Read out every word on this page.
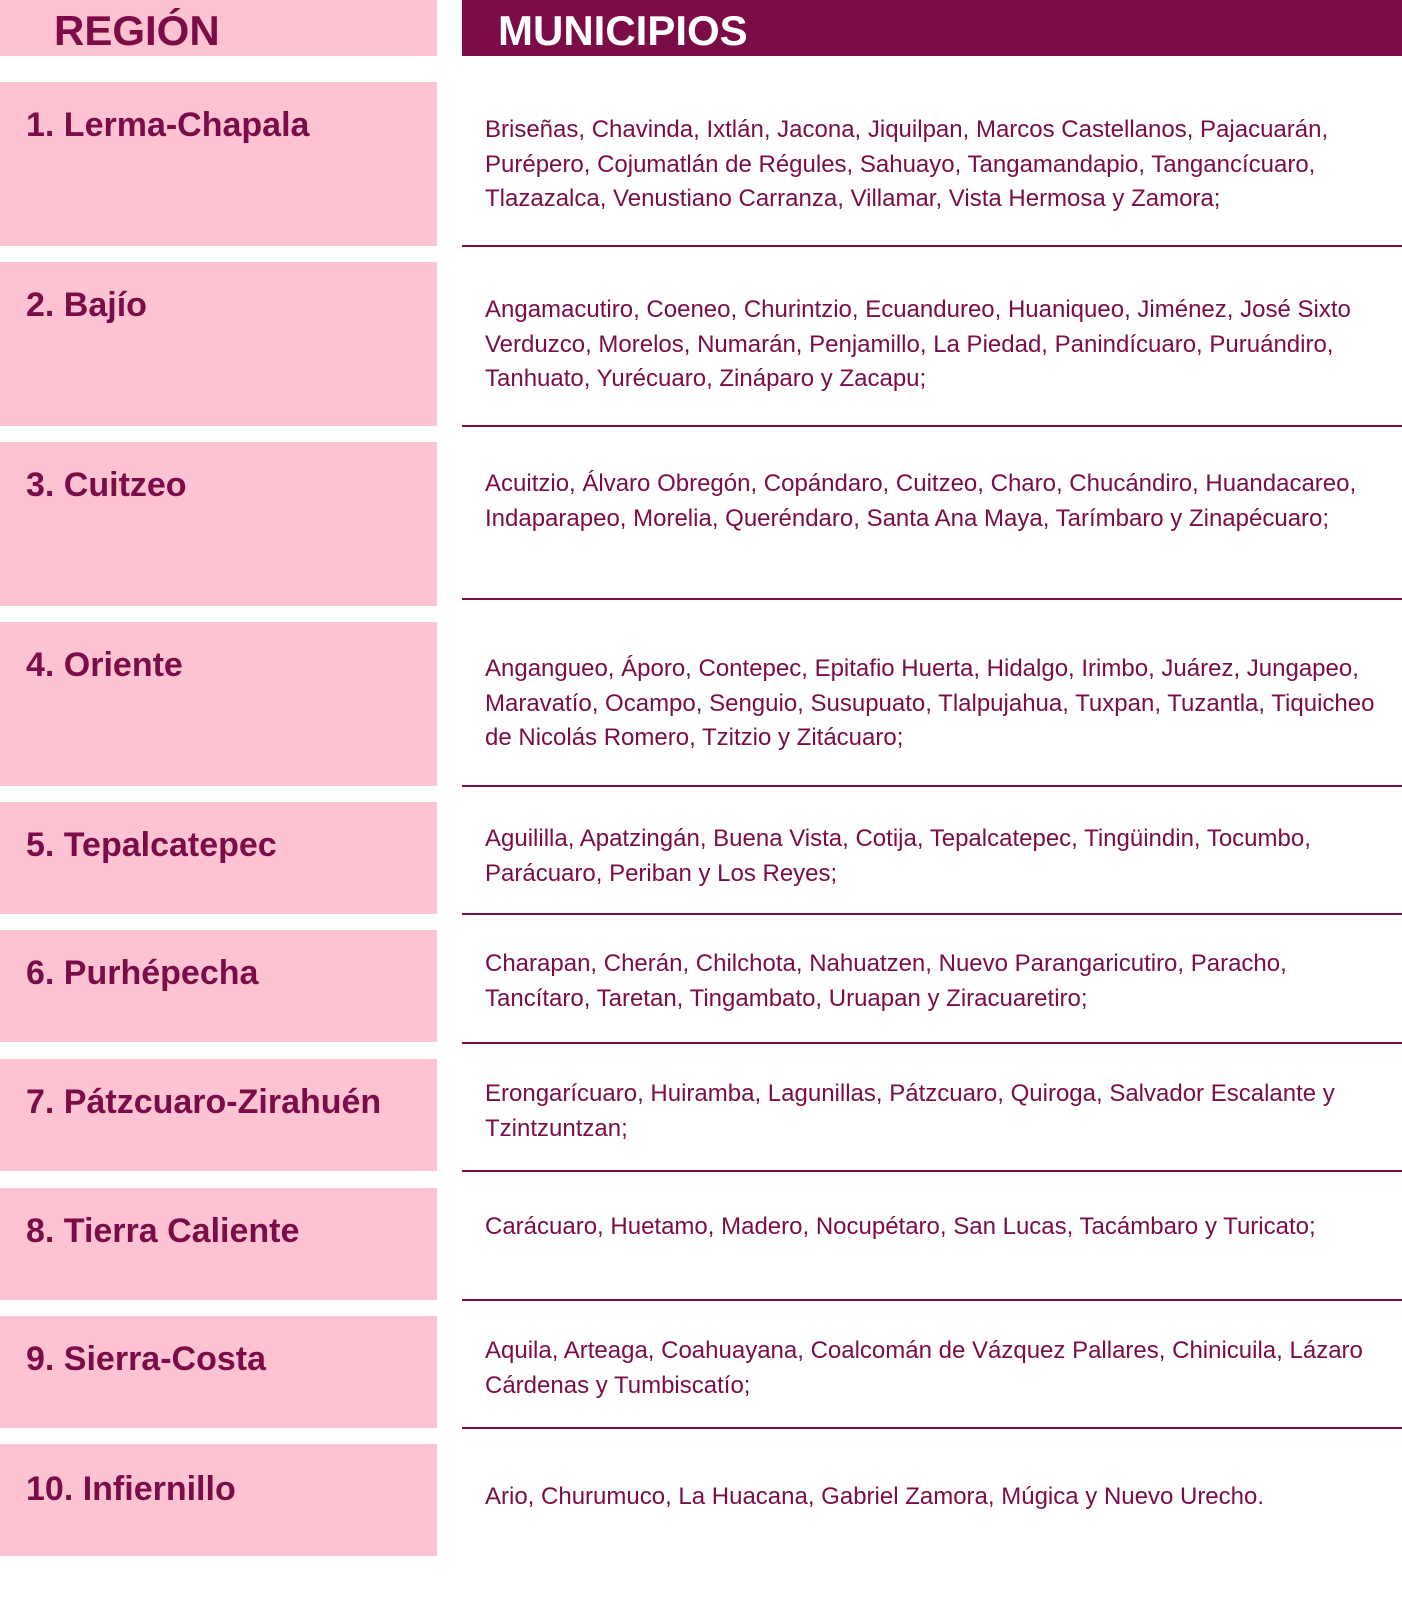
REGIÓN	MUNICIPIOS
1. Lerma-Chapala	Briseñas, Chavinda, Ixtlán, Jacona, Jiquilpan, Marcos Castellanos, Pajacuarán, Purépero, Cojumatlán de Régules, Sahuayo, Tangamandapio, Tangancícuaro, Tlazazalca, Venustiano Carranza, Villamar, Vista Hermosa y Zamora;
2. Bajío	Angamacutiro, Coeneo, Churintzio, Ecuandureo, Huaniqueo, Jiménez, José Sixto Verduzco, Morelos, Numarán, Penjamillo, La Piedad, Panindícuaro, Puruándiro, Tanhuato, Yurécuaro, Zináparo y Zacapu;
3. Cuitzeo	Acuitzio, Álvaro Obregón, Copándaro, Cuitzeo, Charo, Chucándiro, Huandacareo, Indaparapeo, Morelia, Queréndaro, Santa Ana Maya, Tarímbaro y Zinapécuaro;
4. Oriente	Angangueo, Áporo, Contepec, Epitafio Huerta, Hidalgo, Irimbo, Juárez, Jungapeo, Maravatío, Ocampo, Senguio, Susupuato, Tlalpujahua, Tuxpan, Tuzantla, Tiquicheo de Nicolás Romero, Tzitzio y Zitácuaro;
5. Tepalcatepec	Aguililla, Apatzingán, Buena Vista, Cotija, Tepalcatepec, Tingüindin, Tocumbo, Parácuaro, Periban y Los Reyes;
6. Purhépecha	Charapan, Cherán, Chilchota, Nahuatzen, Nuevo Parangaricutiro, Paracho, Tancítaro, Taretan, Tingambato, Uruapan y Ziracuaretiro;
7. Pátzcuaro-Zirahuén	Erongarícuaro, Huiramba, Lagunillas, Pátzcuaro, Quiroga, Salvador Escalante y Tzintzuntzan;
8. Tierra Caliente	Carácuaro, Huetamo, Madero, Nocupétaro, San Lucas, Tacámbaro y Turicato;
9. Sierra-Costa	Aquila, Arteaga, Coahuayana, Coalcomán de Vázquez Pallares, Chinicuila, Lázaro Cárdenas y Tumbiscatío;
10. Infiernillo	Ario, Churumuco, La Huacana, Gabriel Zamora, Múgica y Nuevo Urecho.
